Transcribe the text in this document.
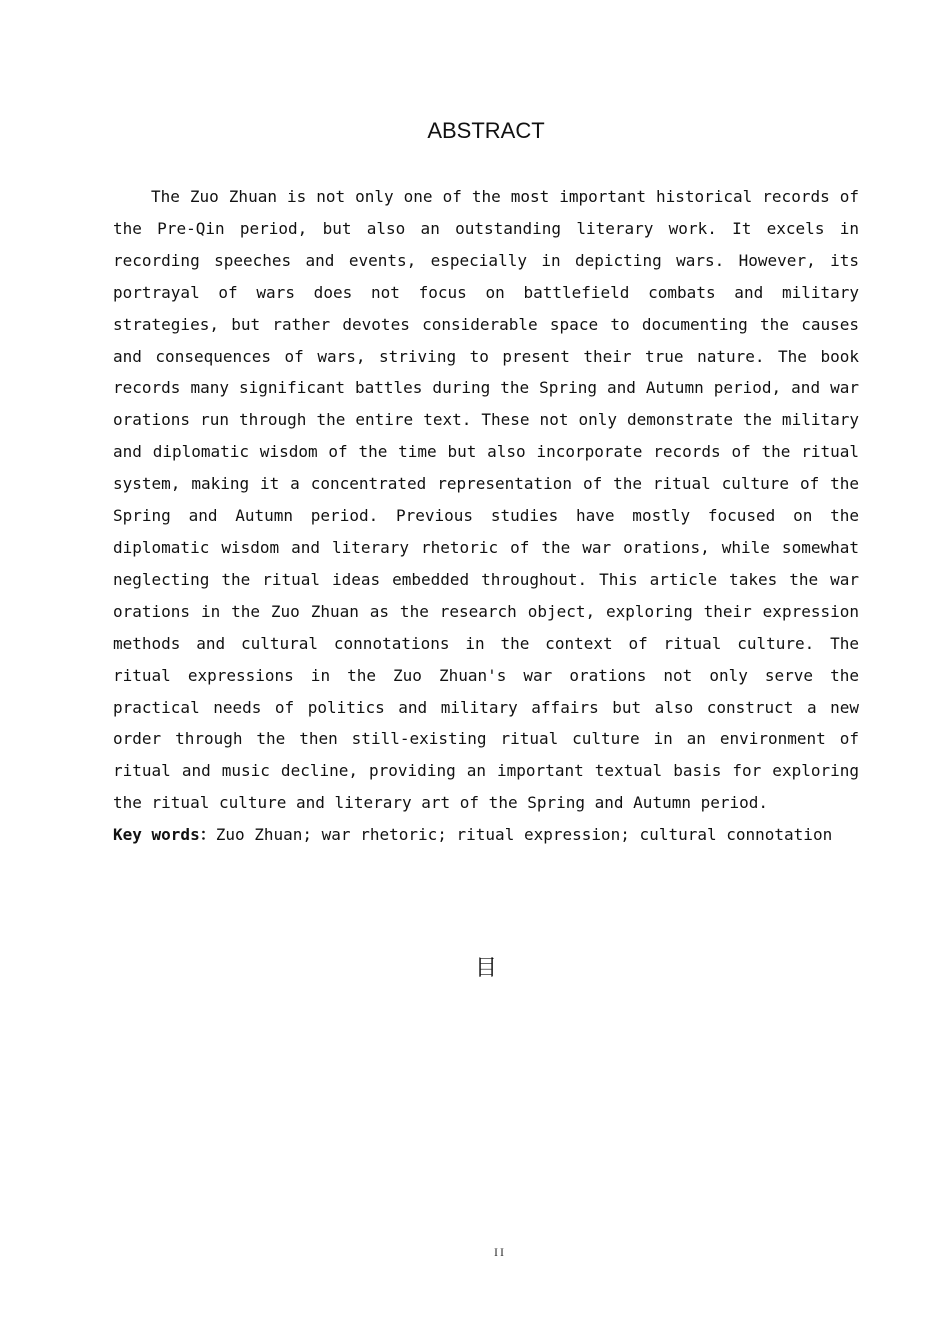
ABSTRACT

The Zuo Zhuan is not only one of the most important historical records of the Pre-Qin period, but also an outstanding literary work. It excels in recording speeches and events, especially in depicting wars. However, its portrayal of wars does not focus on battlefield combats and military strategies, but rather devotes considerable space to documenting the causes and consequences of wars, striving to present their true nature. The book records many significant battles during the Spring and Autumn period, and war orations run through the entire text. These not only demonstrate the military and diplomatic wisdom of the time but also incorporate records of the ritual system, making it a concentrated representation of the ritual culture of the Spring and Autumn period. Previous studies have mostly focused on the diplomatic wisdom and literary rhetoric of the war orations, while somewhat neglecting the ritual ideas embedded throughout. This article takes the war orations in the Zuo Zhuan as the research object, exploring their expression methods and cultural connotations in the context of ritual culture. The ritual expressions in the Zuo Zhuan's war orations not only serve the practical needs of politics and military affairs but also construct a new order through the then still-existing ritual culture in an environment of ritual and music decline, providing an important textual basis for exploring the ritual culture and literary art of the Spring and Autumn period.

Key words：Zuo Zhuan; war rhetoric; ritual expression; cultural connotation

目
II
